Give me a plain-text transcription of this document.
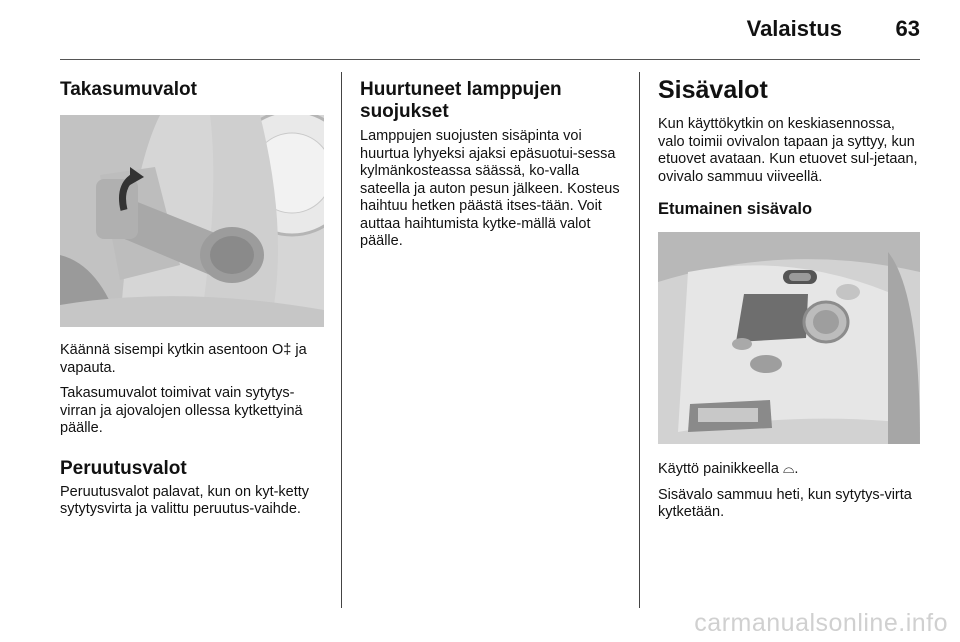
Valaistus 63
Takasumuvalot

Käännä sisempi kytkin asentoon O‡ ja vapauta.

Takasumuvalot toimivat vain sytytys-virran ja ajovalojen ollessa kytkettyinä päälle.

Peruutusvalot

Peruutusvalot palavat, kun on kyt-ketty sytytysvirta ja valittu peruutus-vaihde.

Huurtuneet lamppujen suojukset

Lamppujen suojusten sisäpinta voi huurtua lyhyeksi ajaksi epäsuotui-sessa kylmänkosteassa säässä, ko-valla sateella ja auton pesun jälkeen. Kosteus haihtuu hetken päästä itses-tään. Voit auttaa haihtumista kytke-mällä valot päälle.

Sisävalot

Kun käyttökytkin on keskiasennossa, valo toimii ovivalon tapaan ja syttyy, kun etuovet avataan. Kun etuovet sul-jetaan, ovivalo sammuu viiveellä.

Etumainen sisävalo

Käyttö painikkeella ⌓.

Sisävalo sammuu heti, kun sytytys-virta kytketään.

carmanualsonline.info
